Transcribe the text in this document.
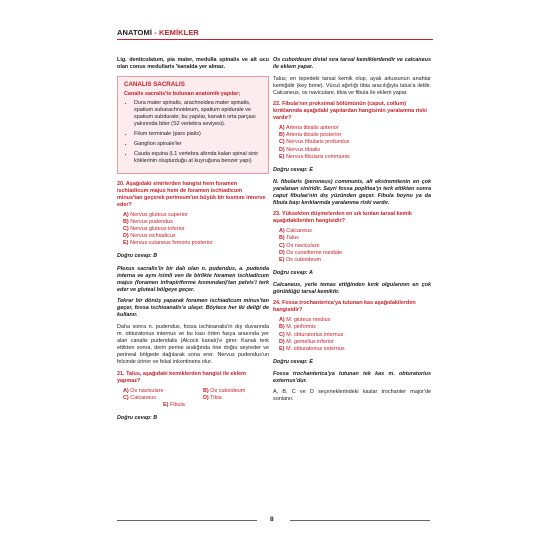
ANATOMİ - KEMİKLER

Lig. denticulatum, pia mater, medulla spinalis ve alt ucu olan conus medullaris 'kanalda yer almaz.

CANALIS SACRALIS
Canalis sacralis'te bulunan anatomik yapılar;
• Dura mater spinalis, arachnoidea mater spinalis, spatium subarachnoideum, spatium epidurale ve spatium subdurale; bu yapılar, kanalın orta parçası yakınında biter (S2 vertebra seviyesi).
• Filum terminale (pars pialis)
• Ganglion spinale'ler
• Cauda equina (L1 vertebra altında kalan spinal sinir köklerinin oluşturduğu at kuyruğuna benzer yapı)
20. Aşağıdaki sinirlerden hangisi hem foramen ischiadicum majus hem de foramen ischiadicum minus'tan geçerek perineum'un büyük bir kısmını innerve eder?
A) Nervus gluteus superior
B) Nervus pudendus
C) Nervus gluteus inferior
D) Nervus ischiadicus
E) Nervus cutaneus femoris posterior
Doğru cevap: B

Plexus sacralis'in bir dalı olan n. pudendus, a. pudenda interna ve aynı isimli ven ile birlikte foramen ischiadicum majus (foramen infrapiriforme kısmından)'tan pelvis'i terk eder ve gluteal bölgeye geçer.

Tekrar bir dönüş yaparak foramen ischiadicum minus'tan geçer, fossa ischioanalis'e ulaşır. Böylece her iki deliği de kullanır.

Daha sonra n. pudendus, fossa ischioanalis'in dış duvarında m. obturatorius internus ve bu kası örten fasya arasında yer alan canalis pudendalis (Alcock kanalı)'e girer. Kanalı terk ettikten sonra, derin perine aralığında öne doğru seyreder ve perineal bölgede dağılarak sona erer. Nervus pudendus'un felcinde üriner ve fekal inkontinens olur.

21. Talus, aşağıdaki kemiklerden hangisi ile eklem yapmaz?
A) Os naviculare	B) Os cuboideum
C) Calcaneus	D) Tibia
E) Fibula
Doğru cevap: B

Os cuboideum distal sıra tarsal kemiklerdendir ve calcaneus ile eklem yapar.

Talus; en tepedeki tarsal kemik olup, ayak arkusunun anahtar kemiğidir (key bone). Vücut ağırlığı tibia aracılığıyla talus'a iletilir. Calcaneus, os naviculare, tibia ve fibula ile eklem yapar.

22. Fibula'nın proksimal bölümünün (caput, collum) kırıklarında aşağıdaki yapılardan hangisinin yaralanma riski vardır?
A) Arteria tibialis anterior
B) Arteria tibialis posterior
C) Nervus fibularis profundus
D) Nervus tibialis
E) Nervus fibularis communis
Doğru cevap: E

N. fibularis (peroneus) communis, alt ekstremitenin en çok yaralanan siniridir. Sayri fossa poplitea'yı terk ettikten sonra caput fibulae'nin dış yüzünden geçer. Fibula boynu ya da fibula başı kırıklarında yaralanma riski vardır.

23. Yüksekten düşmelerden en sık kırılan tarsal kemik aşağıdakilerden hangisidir?
A) Calcaneus
B) Talus
C) Os naviculare
D) Os cuneiforme mediale
E) Os cuboideum
Doğru cevap: A

Calcaneus, yerle temas ettiğinden kırık olgularının en çok görüldüğü tarsal kemiktir.

24. Fossa trochanterica'ya tutunan kas aşağıdakilerden hangisidir?
A) M. gluteus medius
B) M. piriformis
C) M. obturatorius internus
D) M. gemellus inferior
E) M. obturatorius externus
Doğru cevap: E

Fossa trochanterica'ya tutunan tek kas m. obturatorius externus'dur.

A, B, C ve D seçeneklerindeki kaslar trochanter major'de sonlanır.

8
